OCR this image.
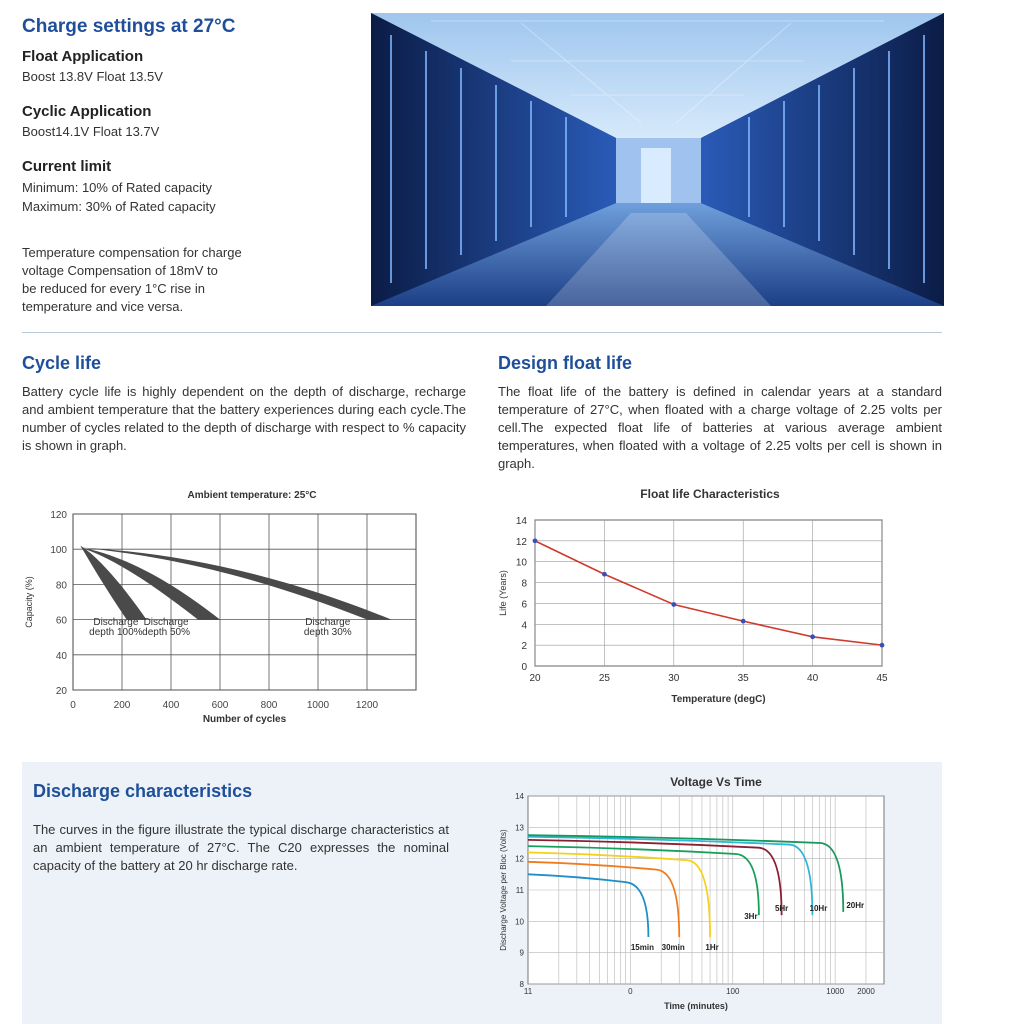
Charge settings at 27°C
Float Application
Boost 13.8V Float 13.5V
Cyclic Application
Boost14.1V Float 13.7V
Current limit
Minimum: 10% of Rated capacity
Maximum: 30% of Rated capacity
Temperature compensation for charge
voltage Compensation of 18mV to
be reduced for every 1°C rise in
temperature and vice versa.
Cycle life
Battery cycle life is highly dependent on the depth of discharge, recharge and ambient temperature that the battery experiences during each cycle.The number of cycles related to the depth of discharge with respect to % capacity is shown in graph.
Design float life
The float life of the battery is defined in calendar years at a standard temperature of 27°C, when floated with a charge voltage of 2.25 volts per cell.The expected float life of batteries at various average ambient temperatures, when floated with a voltage of 2.25 volts per cell is shown in graph.
Ambient temperature: 25°C
20
40
60
80
100
120
0	200	400	600	800	1000	1200
Number of cycles
Capacity (%)	Discharge
depth 100%
Discharge
depth 50%
Discharge
depth 30%
Float life Characteristics
0
2
4
6
8
10
12
14
20	25	30	35	40	45
Temperature (degC)
Life (Years)
Discharge characteristics
The curves in the figure illustrate the typical discharge characteristics at an ambient temperature of 27°C. The C20 expresses the nominal capacity of the battery at 20 hr discharge rate.
Voltage Vs Time
8
9
10
11
12
13
14
11	0	100	1000 2000
Time (minutes)
Discharge Voltage per Bloc (Volts)	15min 30min	1Hr
3Hr
5Hr	10Hr 20Hr
